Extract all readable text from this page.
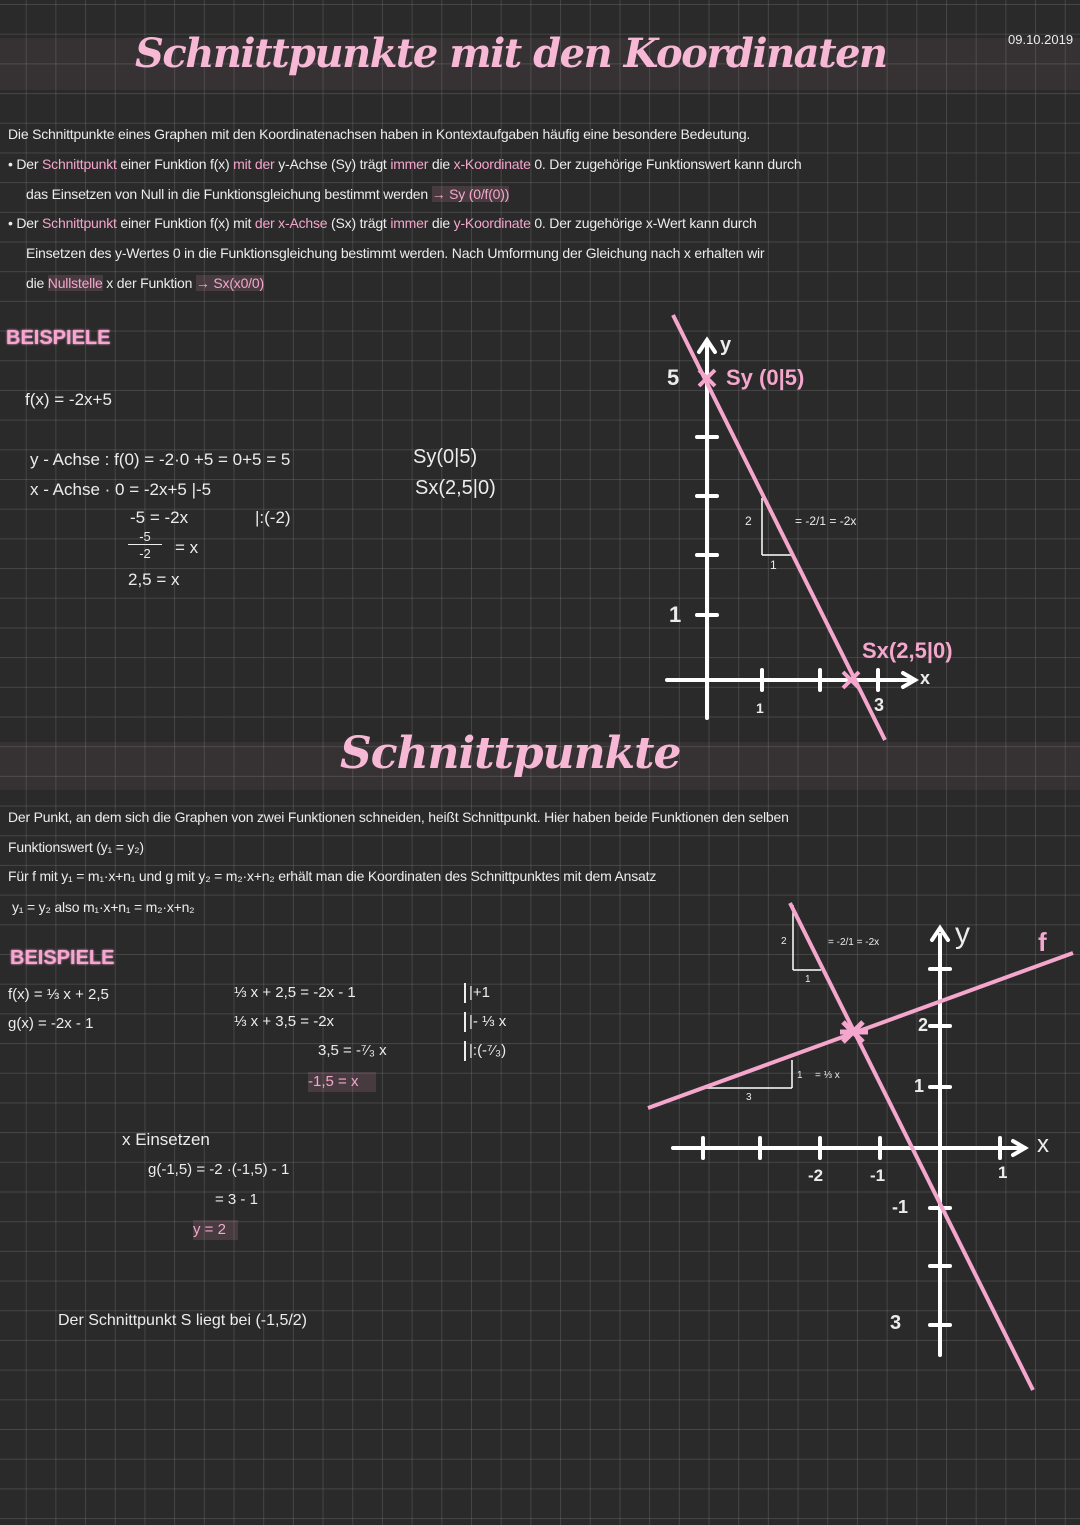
Schnittpunkte mit den Koordinaten	09.10.2019
Die Schnittpunkte eines Graphen mit den Koordinatenachsen haben in Kontextaufgaben häufig eine besondere Bedeutung.
• Der Schnittpunkt einer Funktion f(x) mit der y-Achse (Sy) trägt immer die x-Koordinate 0. Der zugehörige Funktionswert kann durch
das Einsetzen von Null in die Funktionsgleichung bestimmt werden → Sy (0/f(0))
• Der Schnittpunkt einer Funktion f(x) mit der x-Achse (Sx) trägt immer die y-Koordinate 0. Der zugehörige x-Wert kann durch
Einsetzen des y-Wertes 0 in die Funktionsgleichung bestimmt werden. Nach Umformung der Gleichung nach x erhalten wir
die Nullstelle x der Funktion → Sx(x0/0)
BEISPIELE
f(x) = -2x+5
y - Achse : f(0) = -2·0 +5 = 0+5 = 5
x - Achse · 0 = -2x+5 |-5
-5 = -2x	|:(-2)
-5
-2	= x
2,5 = x
Sy(0|5)
Sx(2,5|0)
y
5 Sy (0|5)
1
2
1
= -2/1 = -2x
Sx(2,5|0)
x
1	3
Schnittpunkte
Der Punkt, an dem sich die Graphen von zwei Funktionen schneiden, heißt Schnittpunkt. Hier haben beide Funktionen den selben
Funktionswert (y₁ = y₂)
Für f mit y₁ = m₁·x+n₁ und g mit y₂ = m₂·x+n₂ erhält man die Koordinaten des Schnittpunktes mit dem Ansatz
y₁ = y₂ also m₁·x+n₁ = m₂·x+n₂
BEISPIELE
f(x) = ⅓ x + 2,5
g(x) = -2x - 1
⅓ x + 2,5 = -2x - 1	|+1
⅓ x + 3,5 = -2x	|- ⅓ x
3,5 = -⁷⁄₃ x	|:(-⁷⁄₃)
-1,5 = x
x Einsetzen
g(-1,5) = -2 ·(-1,5) - 1
= 3 - 1
y = 2
Der Schnittpunkt S liegt bei (-1,5/2)
y	f
2
1
-1
3
-2	-1	1
x
2
1
= -2/1 = -2x
1
3
= ⅓ x
